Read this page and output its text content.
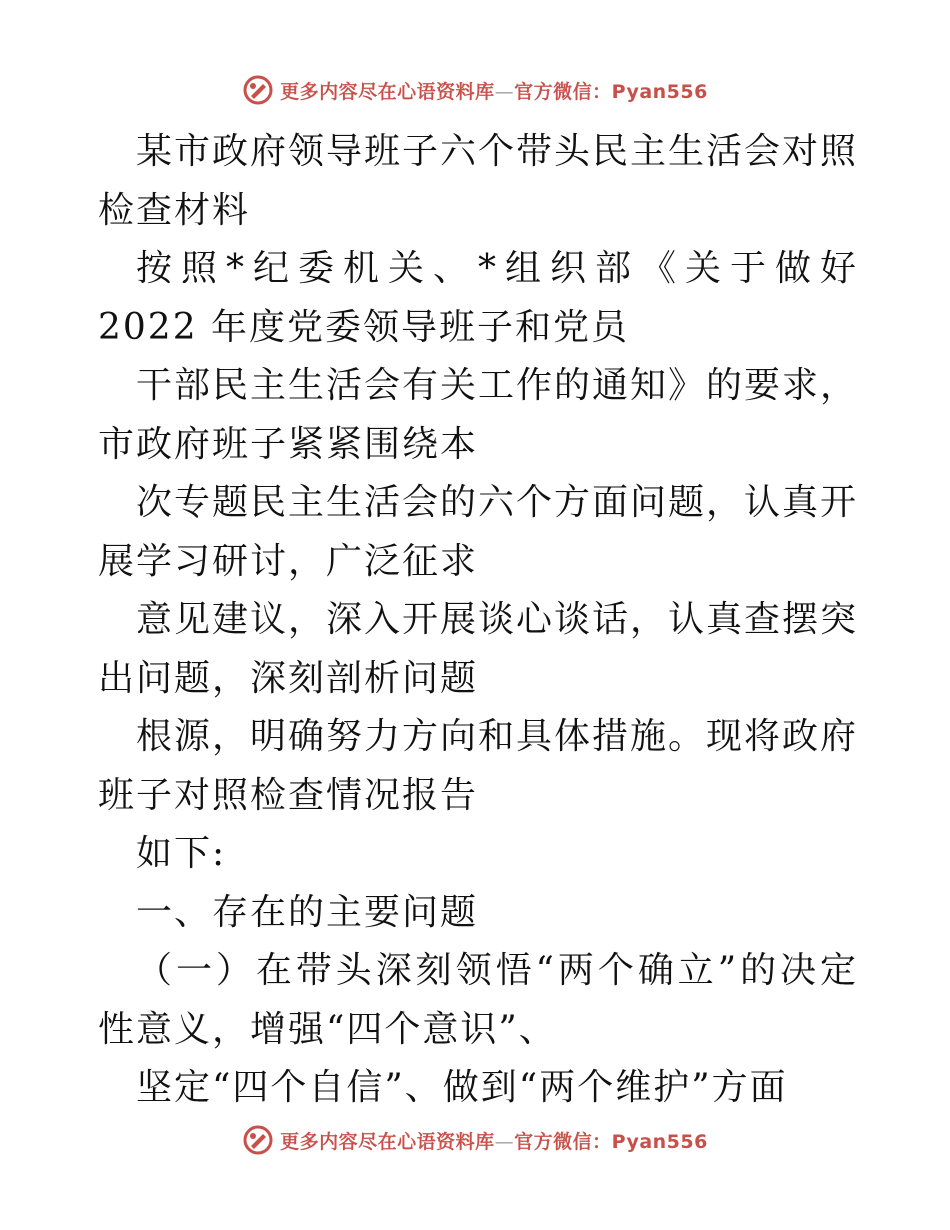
更多内容尽在心语资料库—官方微信：Pyan556

某市政府领导班子六个带头民主生活会对照检查材料

按照*纪委机关、*组织部《关于做好 2022 年度党委领导班子和党员

干部民主生活会有关工作的通知》的要求，市政府班子紧紧围绕本

次专题民主生活会的六个方面问题，认真开展学习研讨，广泛征求

意见建议，深入开展谈心谈话，认真查摆突出问题，深刻剖析问题

根源，明确努力方向和具体措施。现将政府班子对照检查情况报告

如下:

一、存在的主要问题

（一）在带头深刻领悟“两个确立”的决定性意义，增强“四个意识”、

坚定“四个自信”、做到“两个维护”方面

更多内容尽在心语资料库—官方微信：Pyan556
